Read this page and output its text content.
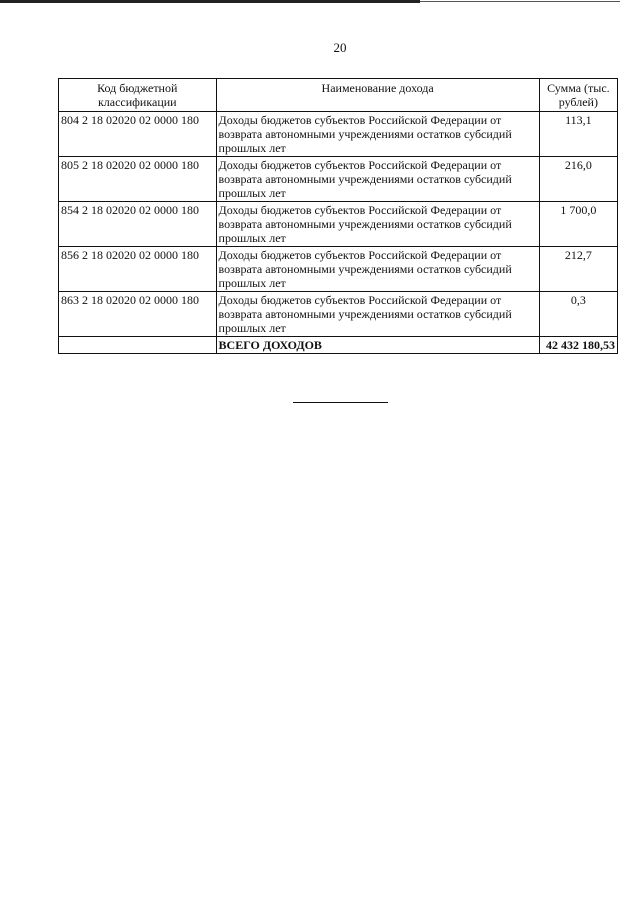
20
Код бюджетной классификации	Наименование дохода	Сумма (тыс. рублей)
804 2 18 02020 02 0000 180	Доходы бюджетов субъектов Российской Федерации от возврата автономными учреждениями остатков субсидий прошлых лет	113,1
805 2 18 02020 02 0000 180	Доходы бюджетов субъектов Российской Федерации от возврата автономными учреждениями остатков субсидий прошлых лет	216,0
854 2 18 02020 02 0000 180	Доходы бюджетов субъектов Российской Федерации от возврата автономными учреждениями остатков субсидий прошлых лет	1 700,0
856 2 18 02020 02 0000 180	Доходы бюджетов субъектов Российской Федерации от возврата автономными учреждениями остатков субсидий прошлых лет	212,7
863 2 18 02020 02 0000 180	Доходы бюджетов субъектов Российской Федерации от возврата автономными учреждениями остатков субсидий прошлых лет	0,3
	ВСЕГО ДОХОДОВ	42 432 180,53
